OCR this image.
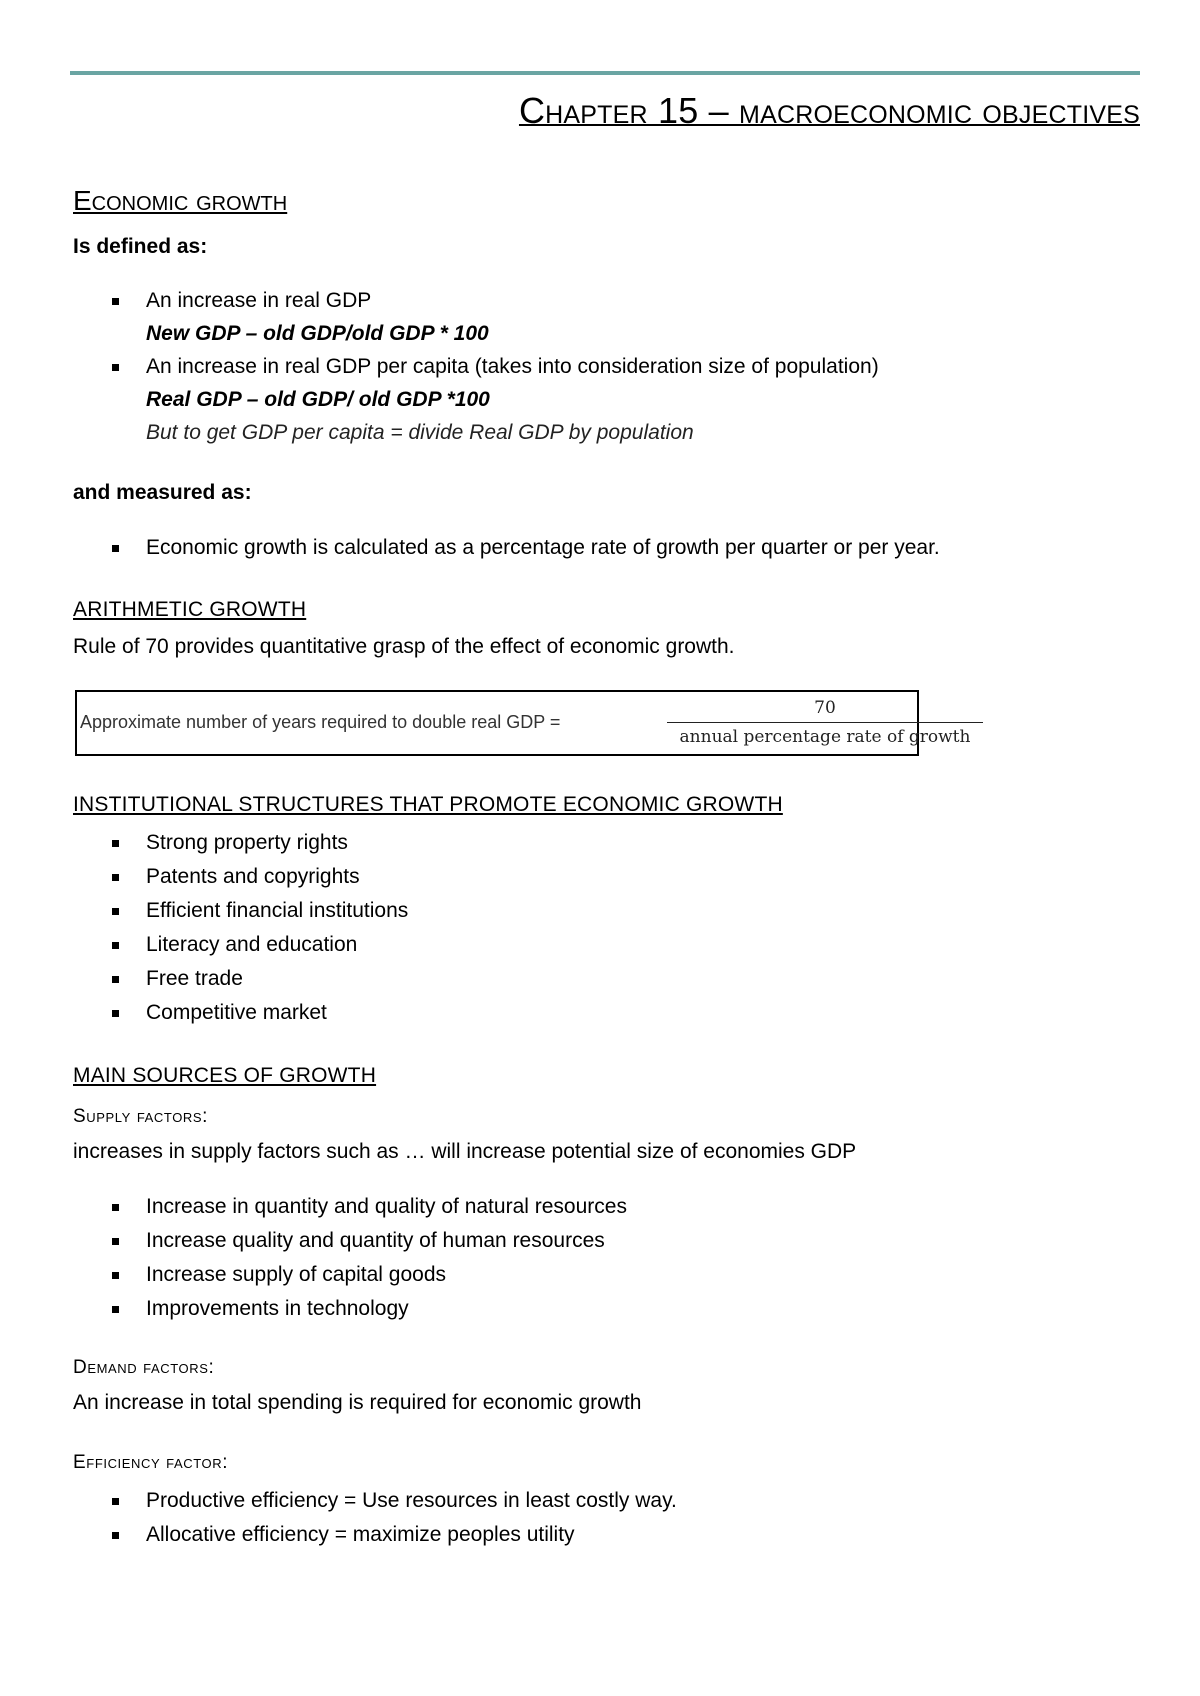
Chapter 15 – macroeconomic objectives
Economic growth
Is defined as:
An increase in real GDP
New GDP – old GDP/old GDP * 100
An increase in real GDP per capita (takes into consideration size of population)
Real GDP – old GDP/ old GDP *100
But to get GDP per capita = divide Real GDP by population
and measured as:
Economic growth is calculated as a percentage rate of growth per quarter or per year.
ARITHMETIC GROWTH
Rule of 70 provides quantitative grasp of the effect of economic growth.
Approximate number of years required to double real GDP =
70
annual percentage rate of growth
INSTITUTIONAL STRUCTURES THAT PROMOTE ECONOMIC GROWTH
Strong property rights
Patents and copyrights
Efficient financial institutions
Literacy and education
Free trade
Competitive market
MAIN SOURCES OF GROWTH
Supply factors:
increases in supply factors such as … will increase potential size of economies GDP
Increase in quantity and quality of natural resources
Increase quality and quantity of human resources
Increase supply of capital goods
Improvements in technology
Demand factors:
An increase in total spending is required for economic growth
Efficiency factor:
Productive efficiency = Use resources in least costly way.
Allocative efficiency = maximize peoples utility
